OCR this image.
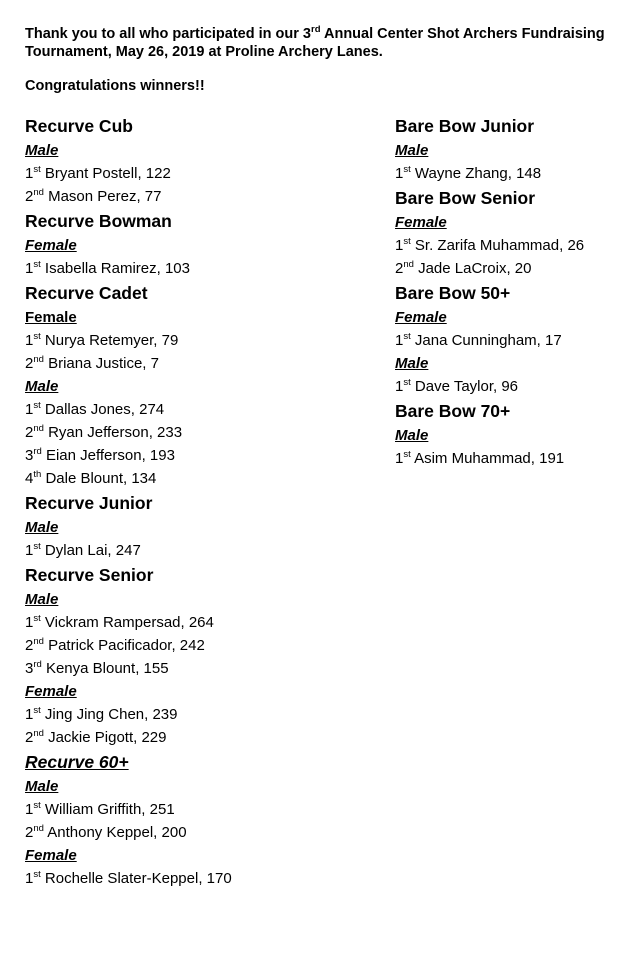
Thank you to all who participated in our 3rd Annual Center Shot Archers Fundraising
Tournament, May 26, 2019 at Proline Archery Lanes.
Congratulations winners!!
Recurve Cub
Male
1st Bryant Postell, 122
2nd Mason Perez, 77
Recurve Bowman
Female
1st Isabella Ramirez, 103
Recurve Cadet
Female
1st Nurya Retemyer, 79
2nd Briana Justice, 7
Male
1st Dallas Jones, 274
2nd Ryan Jefferson, 233
3rd Eian Jefferson, 193
4th Dale Blount, 134
Recurve Junior
Male
1st Dylan Lai, 247
Recurve Senior
Male
1st Vickram Rampersad, 264
2nd Patrick Pacificador, 242
3rd Kenya Blount, 155
Female
1st Jing Jing Chen, 239
2nd Jackie Pigott, 229
Recurve 60+
Male
1st William Griffith, 251
2nd Anthony Keppel, 200
Female
1st Rochelle Slater-Keppel, 170
Bare Bow Junior
Male
1st Wayne Zhang, 148
Bare Bow Senior
Female
1st Sr. Zarifa Muhammad, 26
2nd Jade LaCroix, 20
Bare Bow 50+
Female
1st Jana Cunningham, 17
Male
1st Dave Taylor, 96
Bare Bow 70+
Male
1st Asim Muhammad, 191
